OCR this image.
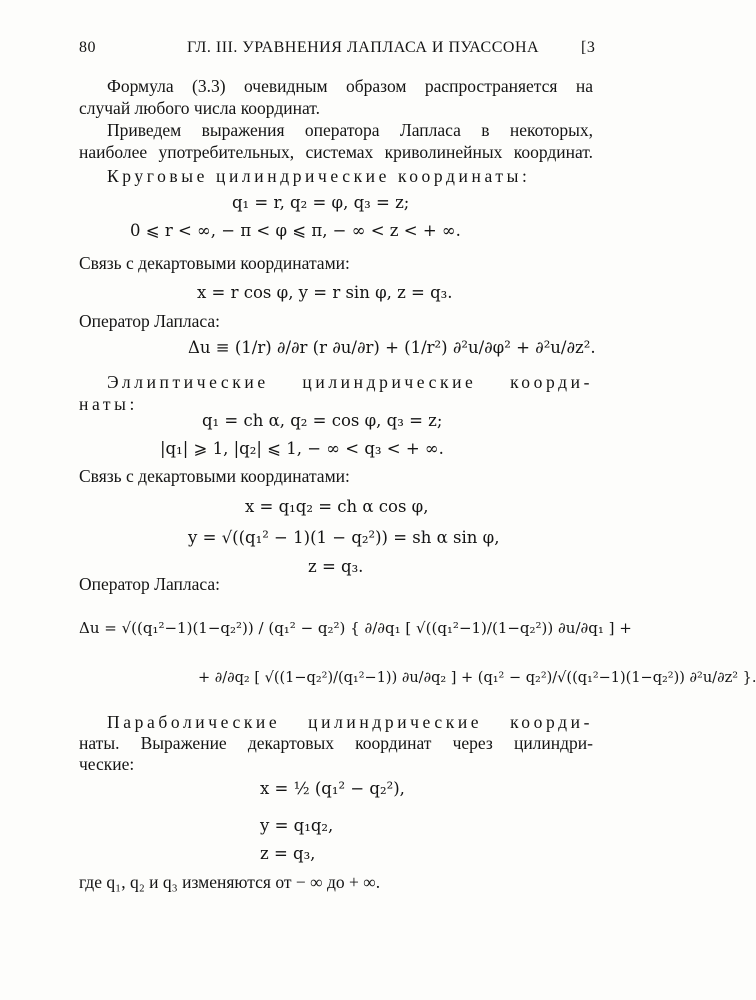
80	ГЛ. III. УРАВНЕНИЯ ЛАПЛАСА И ПУАССОНА	[3
Формула (3.3) очевидным образом распространяется на
случай любого числа координат.
Приведем выражения оператора Лапласа в некоторых,
наиболее употребительных, системах криволинейных координат.
Круговые цилиндрические координаты:
q₁ = r, q₂ = φ, q₃ = z;
0 ⩽ r < ∞, − π < φ ⩽ π, − ∞ < z < + ∞.
Связь с декартовыми координатами:
x = r cos φ, y = r sin φ, z = q₃.
Оператор Лапласа:
Δu ≡ (1/r) ∂/∂r (r ∂u/∂r) + (1/r²) ∂²u/∂φ² + ∂²u/∂z².
Эллиптические цилиндрические коорди-
наты:
q₁ = ch α, q₂ = cos φ, q₃ = z;
|q₁| ⩾ 1, |q₂| ⩽ 1, − ∞ < q₃ < + ∞.
Связь с декартовыми координатами:
x = q₁q₂ = ch α cos φ,
y = √((q₁² − 1)(1 − q₂²)) = sh α sin φ,
z = q₃.
Оператор Лапласа:
Δu = √((q₁²−1)(1−q₂²)) / (q₁² − q₂²) { ∂/∂q₁ [ √((q₁²−1)/(1−q₂²)) ∂u/∂q₁ ] +
+ ∂/∂q₂ [ √((1−q₂²)/(q₁²−1)) ∂u/∂q₂ ] + (q₁² − q₂²)/√((q₁²−1)(1−q₂²)) ∂²u/∂z² }.
Параболические цилиндрические коорди-
наты. Выражение декартовых координат через цилиндри-
ческие:
x = ½ (q₁² − q₂²),
y = q₁q₂,
z = q₃,
где q₁, q₂ и q₃ изменяются от − ∞ до + ∞.
